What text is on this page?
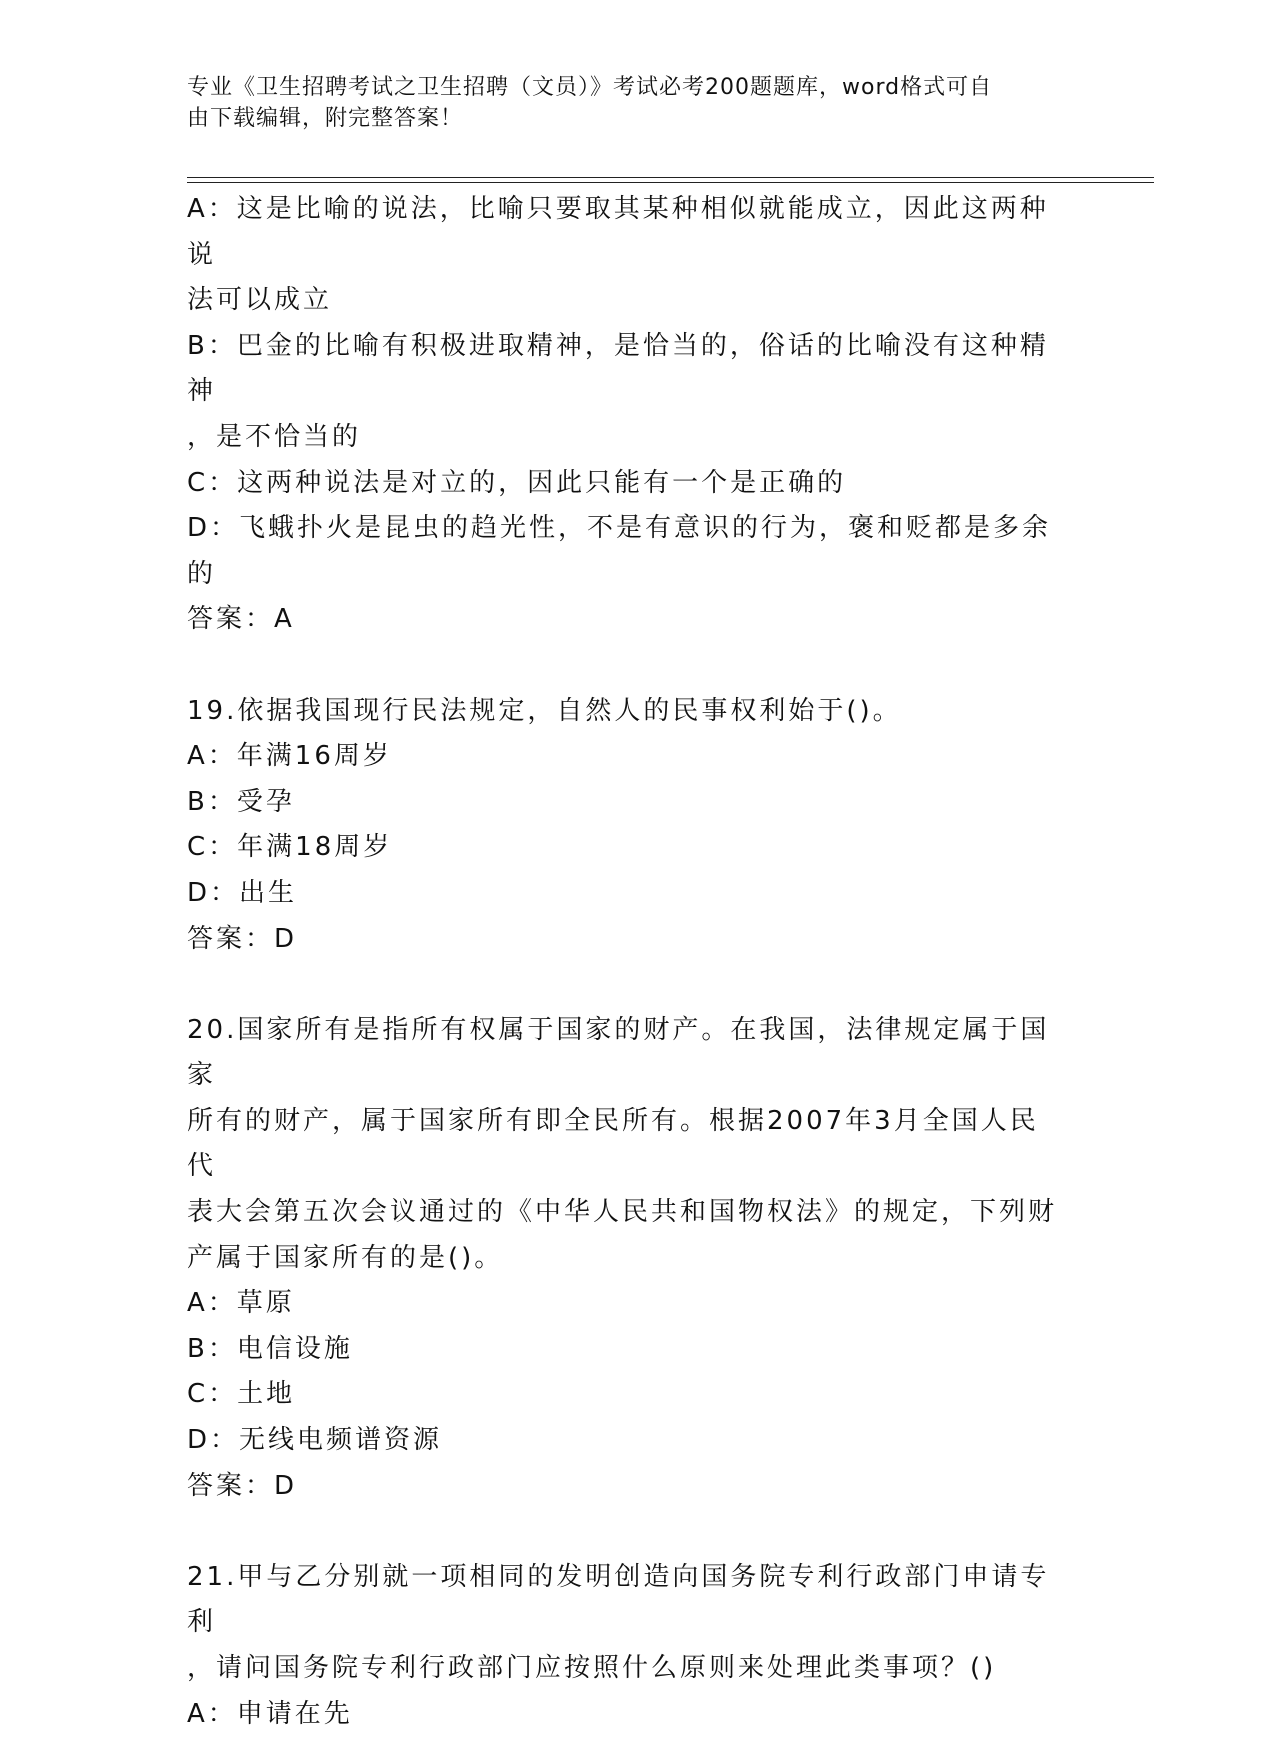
专业《卫生招聘考试之卫生招聘（文员）》考试必考200题题库，word格式可自
由下载编辑，附完整答案！
A：这是比喻的说法，比喻只要取其某种相似就能成立，因此这两种说
法可以成立
B：巴金的比喻有积极进取精神，是恰当的，俗话的比喻没有这种精神
，是不恰当的
C：这两种说法是对立的，因此只能有一个是正确的
D：飞蛾扑火是昆虫的趋光性，不是有意识的行为，褒和贬都是多余的
答案：A
19.依据我国现行民法规定，自然人的民事权利始于()。
A：年满16周岁
B：受孕
C：年满18周岁
D：出生
答案：D
20.国家所有是指所有权属于国家的财产。在我国，法律规定属于国家
所有的财产，属于国家所有即全民所有。根据2007年3月全国人民代
表大会第五次会议通过的《中华人民共和国物权法》的规定，下列财
产属于国家所有的是()。
A：草原
B：电信设施
C：土地
D：无线电频谱资源
答案：D
21.甲与乙分别就一项相同的发明创造向国务院专利行政部门申请专利
，请问国务院专利行政部门应按照什么原则来处理此类事项？()
A：申请在先
